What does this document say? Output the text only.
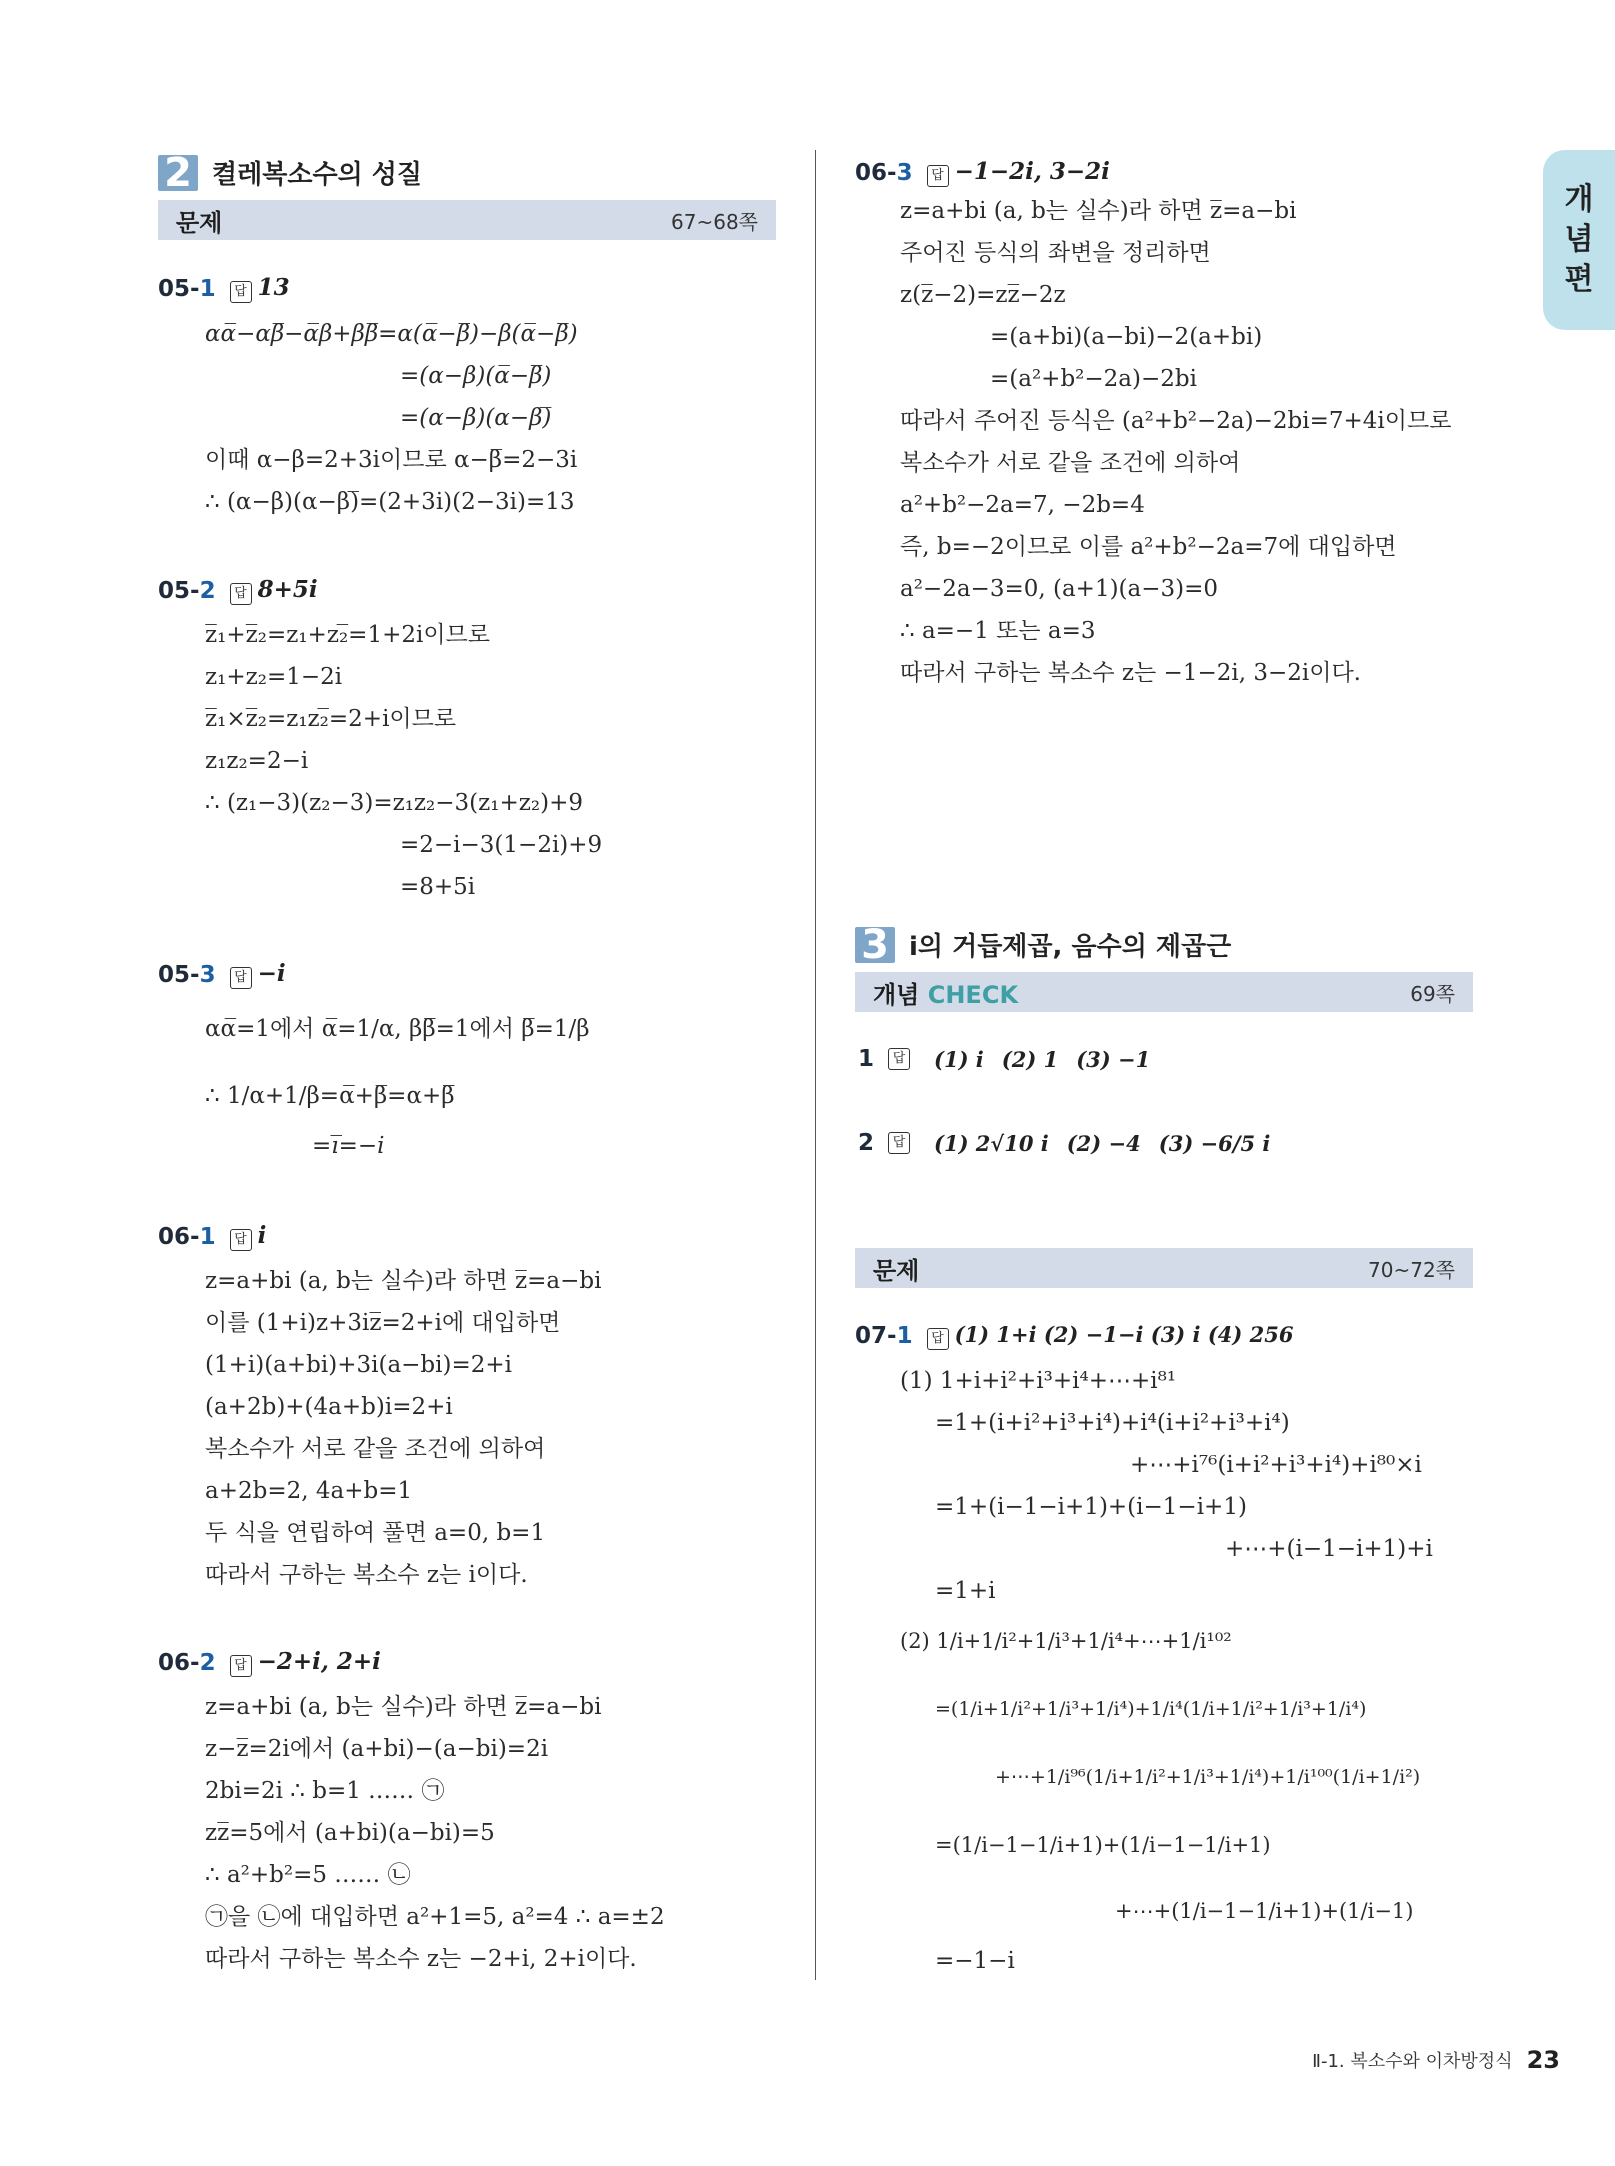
개
념
편
2 켤레복소수의 성질
문제	67~68쪽
05-1	답 13
αα̅−αβ̅−α̅β+ββ̅=α(α̅−β̅)−β(α̅−β̅)
=(α−β)(α̅−β̅)
=(α−β)(α−β)̅
이때 α−β=2+3i이므로 α−β̅=2−3i
∴ (α−β)(α−β)̅=(2+3i)(2−3i)=13
05-2	답 8+5i
z̅₁+z̅₂=z₁+z₂̅=1+2i이므로
z₁+z₂=1−2i
z̅₁×z̅₂=z₁z₂̅=2+i이므로
z₁z₂=2−i
∴ (z₁−3)(z₂−3)=z₁z₂−3(z₁+z₂)+9
=2−i−3(1−2i)+9
=8+5i
05-3	답 −i
αα̅=1에서 α̅=1/α, ββ̅=1에서 β̅=1/β
∴ 1/α+1/β=α̅+β̅=α+β̅
=i̅=−i
06-1	답 i
z=a+bi (a, b는 실수)라 하면 z̅=a−bi
이를 (1+i)z+3iz̅=2+i에 대입하면
(1+i)(a+bi)+3i(a−bi)=2+i
(a+2b)+(4a+b)i=2+i
복소수가 서로 같을 조건에 의하여
a+2b=2, 4a+b=1
두 식을 연립하여 풀면 a=0, b=1
따라서 구하는 복소수 z는 i이다.
06-2	답 −2+i, 2+i
z=a+bi (a, b는 실수)라 하면 z̅=a−bi
z−z̅=2i에서 (a+bi)−(a−bi)=2i
2bi=2i ∴ b=1 …… ㉠
zz̅=5에서 (a+bi)(a−bi)=5
∴ a²+b²=5 …… ㉡
㉠을 ㉡에 대입하면 a²+1=5, a²=4 ∴ a=±2
따라서 구하는 복소수 z는 −2+i, 2+i이다.
06-3	답 −1−2i, 3−2i
z=a+bi (a, b는 실수)라 하면 z̅=a−bi
주어진 등식의 좌변을 정리하면
z(z̅−2)=zz̅−2z
=(a+bi)(a−bi)−2(a+bi)
=(a²+b²−2a)−2bi
따라서 주어진 등식은 (a²+b²−2a)−2bi=7+4i이므로
복소수가 서로 같을 조건에 의하여
a²+b²−2a=7, −2b=4
즉, b=−2이므로 이를 a²+b²−2a=7에 대입하면
a²−2a−3=0, (a+1)(a−3)=0
∴ a=−1 또는 a=3
따라서 구하는 복소수 z는 −1−2i, 3−2i이다.
3 i의 거듭제곱, 음수의 제곱근
개념 CHECK	69쪽
1	답 (1) i (2) 1 (3) −1
2	답 (1) 2√10 i (2) −4 (3) −6/5 i
문제	70~72쪽
07-1	답 (1) 1+i (2) −1−i (3) i (4) 256
(1) 1+i+i²+i³+i⁴+⋯+i⁸¹
=1+(i+i²+i³+i⁴)+i⁴(i+i²+i³+i⁴)
+⋯+i⁷⁶(i+i²+i³+i⁴)+i⁸⁰×i
=1+(i−1−i+1)+(i−1−i+1)
+⋯+(i−1−i+1)+i
=1+i
(2) 1/i+1/i²+1/i³+1/i⁴+⋯+1/i¹⁰²
=(1/i+1/i²+1/i³+1/i⁴)+1/i⁴(1/i+1/i²+1/i³+1/i⁴)
+⋯+1/i⁹⁶(1/i+1/i²+1/i³+1/i⁴)+1/i¹⁰⁰(1/i+1/i²)
=(1/i−1−1/i+1)+(1/i−1−1/i+1)
+⋯+(1/i−1−1/i+1)+(1/i−1)
=−1−i
Ⅱ-1. 복소수와 이차방정식 23
